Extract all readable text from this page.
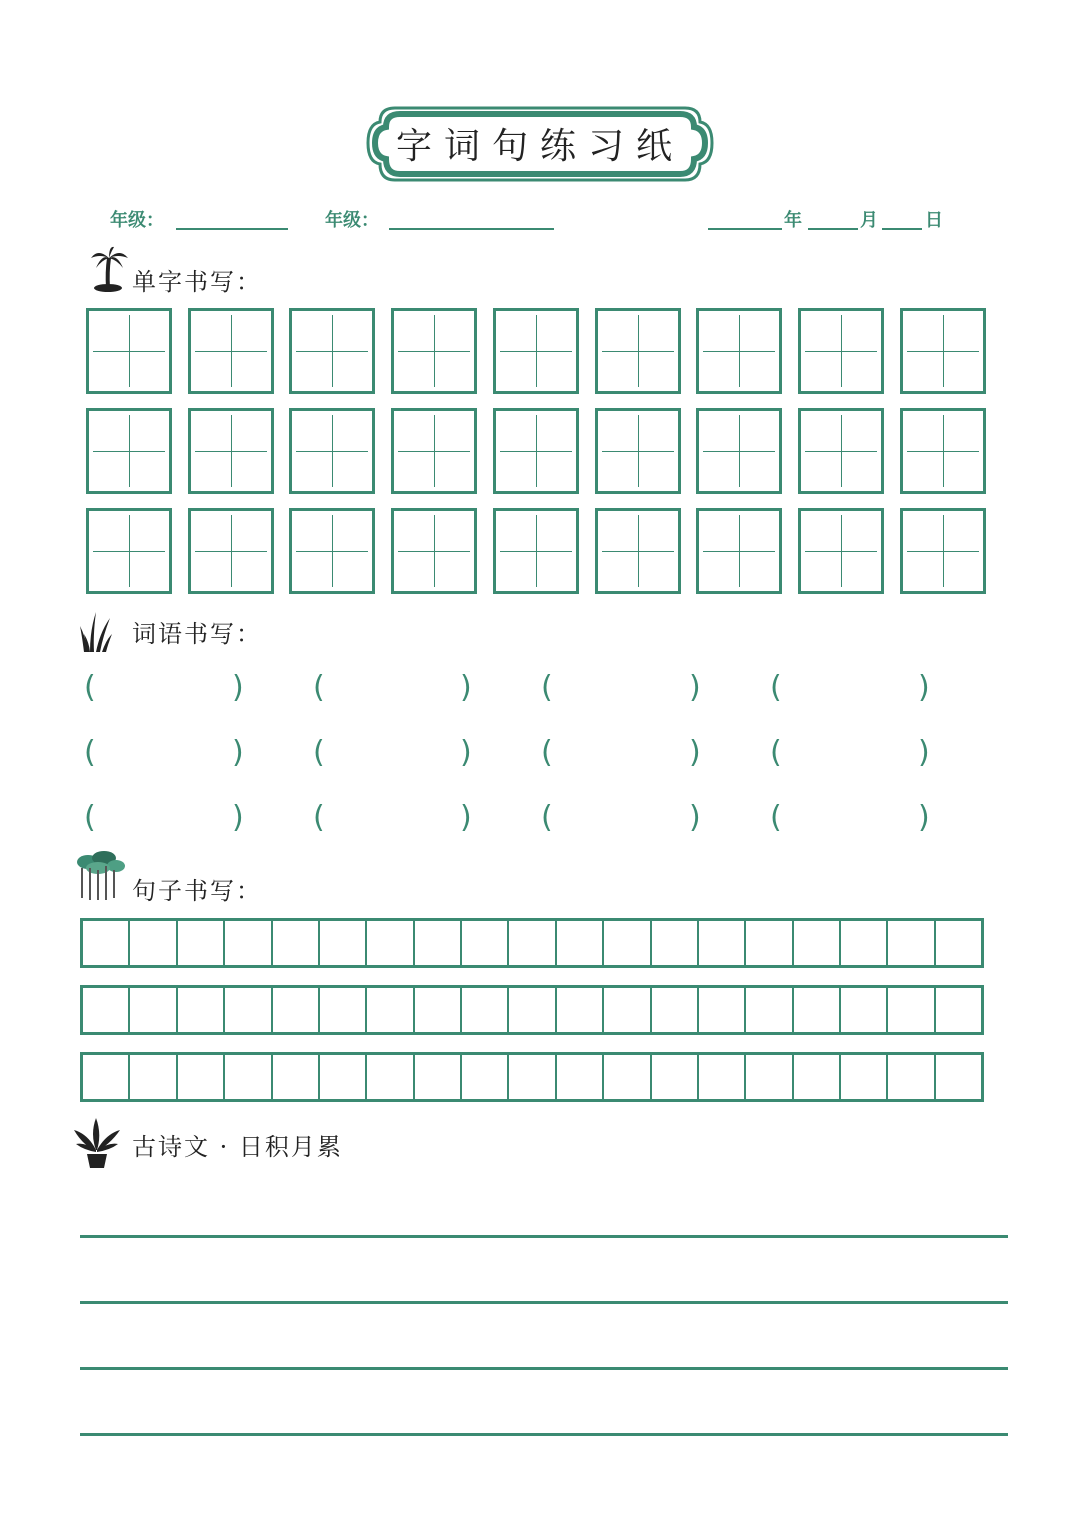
字词句练习纸
年级：	年级：	年	月	日
单字书写：
词语书写：
(	) (	) (	) (	)
(	) (	) (	) (	)
(	) (	) (	) (	)
句子书写：
古诗文 · 日积月累
